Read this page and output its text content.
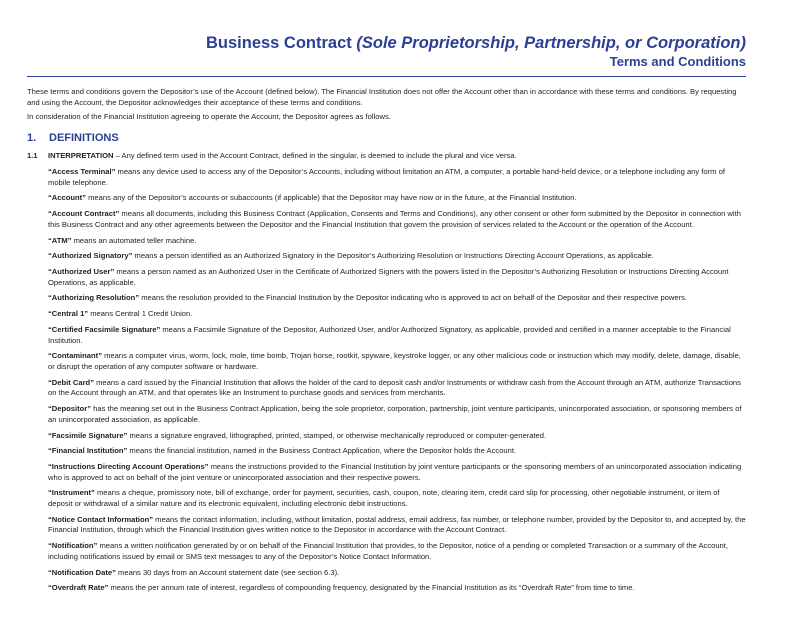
Business Contract (Sole Proprietorship, Partnership, or Corporation)
Terms and Conditions

These terms and conditions govern the Depositor’s use of the Account (defined below). The Financial Institution does not offer the Account other than in accordance with these terms and conditions. By requesting and using the Account, the Depositor acknowledges their acceptance of these terms and conditions.

In consideration of the Financial Institution agreeing to operate the Account, the Depositor agrees as follows.

1.	DEFINITIONS
1.1	INTERPRETATION – Any defined term used in the Account Contract, defined in the singular, is deemed to include the plural and vice versa.

“Access Terminal” means any device used to access any of the Depositor’s Accounts, including without limitation an ATM, a computer, a portable hand-held device, or a telephone including any form of mobile telephone.

“Account” means any of the Depositor’s accounts or subaccounts (if applicable) that the Depositor may have now or in the future, at the Financial Institution.

“Account Contract” means all documents, including this Business Contract (Application, Consents and Terms and Conditions), any other consent or other form submitted by the Depositor in connection with this Business Contract and any other agreements between the Depositor and the Financial Institution that govern the provision of services related to the Account or the operation of the Account.

“ATM” means an automated teller machine.

“Authorized Signatory” means a person identified as an Authorized Signatory in the Depositor’s Authorizing Resolution or Instructions Directing Account Operations, as applicable.

“Authorized User” means a person named as an Authorized User in the Certificate of Authorized Signers with the powers listed in the Depositor’s Authorizing Resolution or Instructions Directing Account Operations, as applicable.

“Authorizing Resolution” means the resolution provided to the Financial Institution by the Depositor indicating who is approved to act on behalf of the Depositor and their respective powers.

“Central 1” means Central 1 Credit Union.

“Certified Facsimile Signature” means a Facsimile Signature of the Depositor, Authorized User, and/or Authorized Signatory, as applicable, provided and certified in a manner acceptable to the Financial Institution.

“Contaminant” means a computer virus, worm, lock, mole, time bomb, Trojan horse, rootkit, spyware, keystroke logger, or any other malicious code or instruction which may modify, delete, damage, disable, or disrupt the operation of any computer software or hardware.

“Debit Card” means a card issued by the Financial Institution that allows the holder of the card to deposit cash and/or Instruments or withdraw cash from the Account through an ATM, authorize Transactions on the Account through an ATM, and that operates like an Instrument to purchase goods and services from merchants.

“Depositor” has the meaning set out in the Business Contract Application, being the sole proprietor, corporation, partnership, joint venture participants, unincorporated association, or sponsoring members of an unincorporated association, as applicable.

“Facsimile Signature” means a signature engraved, lithographed, printed, stamped, or otherwise mechanically reproduced or computer-generated.

“Financial Institution” means the financial institution, named in the Business Contract Application, where the Depositor holds the Account.

“Instructions Directing Account Operations” means the instructions provided to the Financial Institution by joint venture participants or the sponsoring members of an unincorporated association indicating who is approved to act on behalf of the joint venture or unincorporated association and their respective powers.

“Instrument” means a cheque, promissory note, bill of exchange, order for payment, securities, cash, coupon, note, clearing item, credit card slip for processing, other negotiable instrument, or item of deposit or withdrawal of a similar nature and its electronic equivalent, including electronic debit instructions.

“Notice Contact Information” means the contact information, including, without limitation, postal address, email address, fax number, or telephone number, provided by the Depositor to, and accepted by, the Financial Institution, through which the Financial Institution gives written notice to the Depositor in accordance with the Account Contract.

“Notification” means a written notification generated by or on behalf of the Financial Institution that provides, to the Depositor, notice of a pending or completed Transaction or a summary of the Account, including notifications issued by email or SMS text messages to any of the Depositor’s Notice Contact Information.

“Notification Date” means 30 days from an Account statement date (see section 6.3).

“Overdraft Rate” means the per annum rate of interest, regardless of compounding frequency, designated by the Financial Institution as its “Overdraft Rate” from time to time.
